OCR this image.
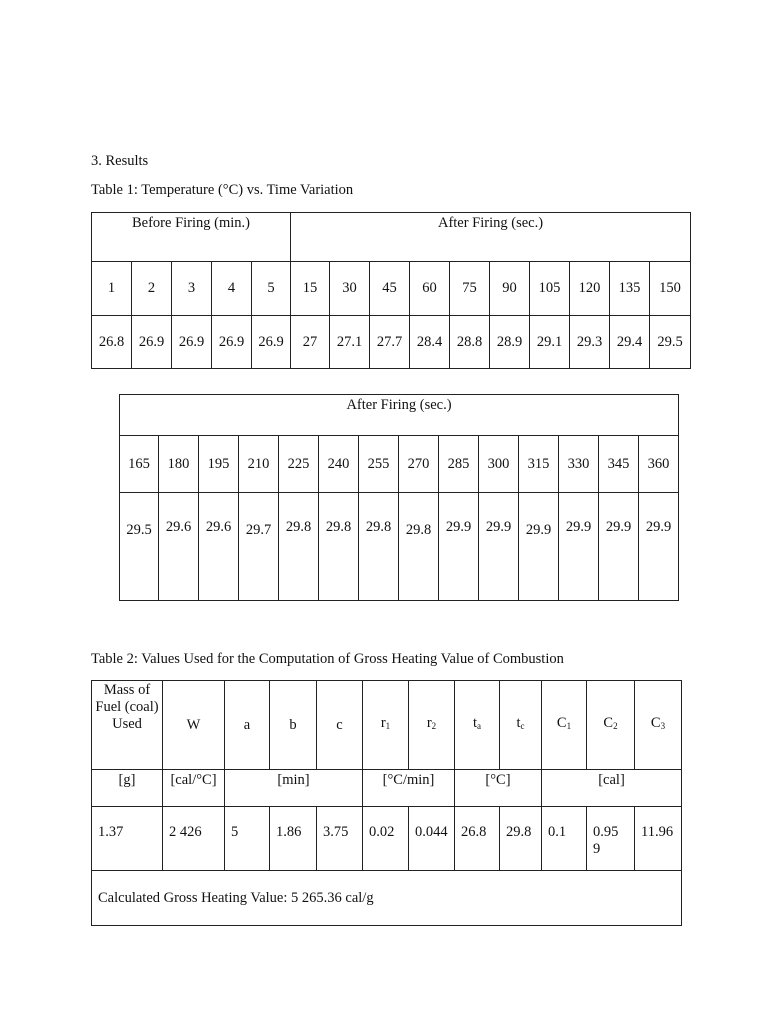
3. Results
Table 1: Temperature (°C) vs. Time Variation
Before Firing (min.)					After Firing (sec.)									
1	2	3	4	5	15	30	45	60	75	90	105	120	135	150
26.8	26.9	26.9	26.9	26.9	27	27.1	27.7	28.4	28.8	28.9	29.1	29.3	29.4	29.5
After Firing (sec.)													
165	180	195	210	225	240	255	270	285	300	315	330	345	360
29.5	29.6	29.6	29.7	29.8	29.8	29.8	29.8	29.9	29.9	29.9	29.9	29.9	29.9
Table 2: Values Used for the Computation of Gross Heating Value of Combustion
Mass of Fuel (coal) Used	W	a	b	c	$r_1$	$r_2$	$t_a$	$t_c$	$C_1$	$C_2$	$C_3$
[g]	[cal/°C]	[min]			[°C/min]		[°C]		[cal]		
1.37	2 426	5	1.86	3.75	0.02	0.044	26.8	29.8	0.1	0.959	11.96
Calculated Gross Heating Value: 5 265.36 cal/g											
